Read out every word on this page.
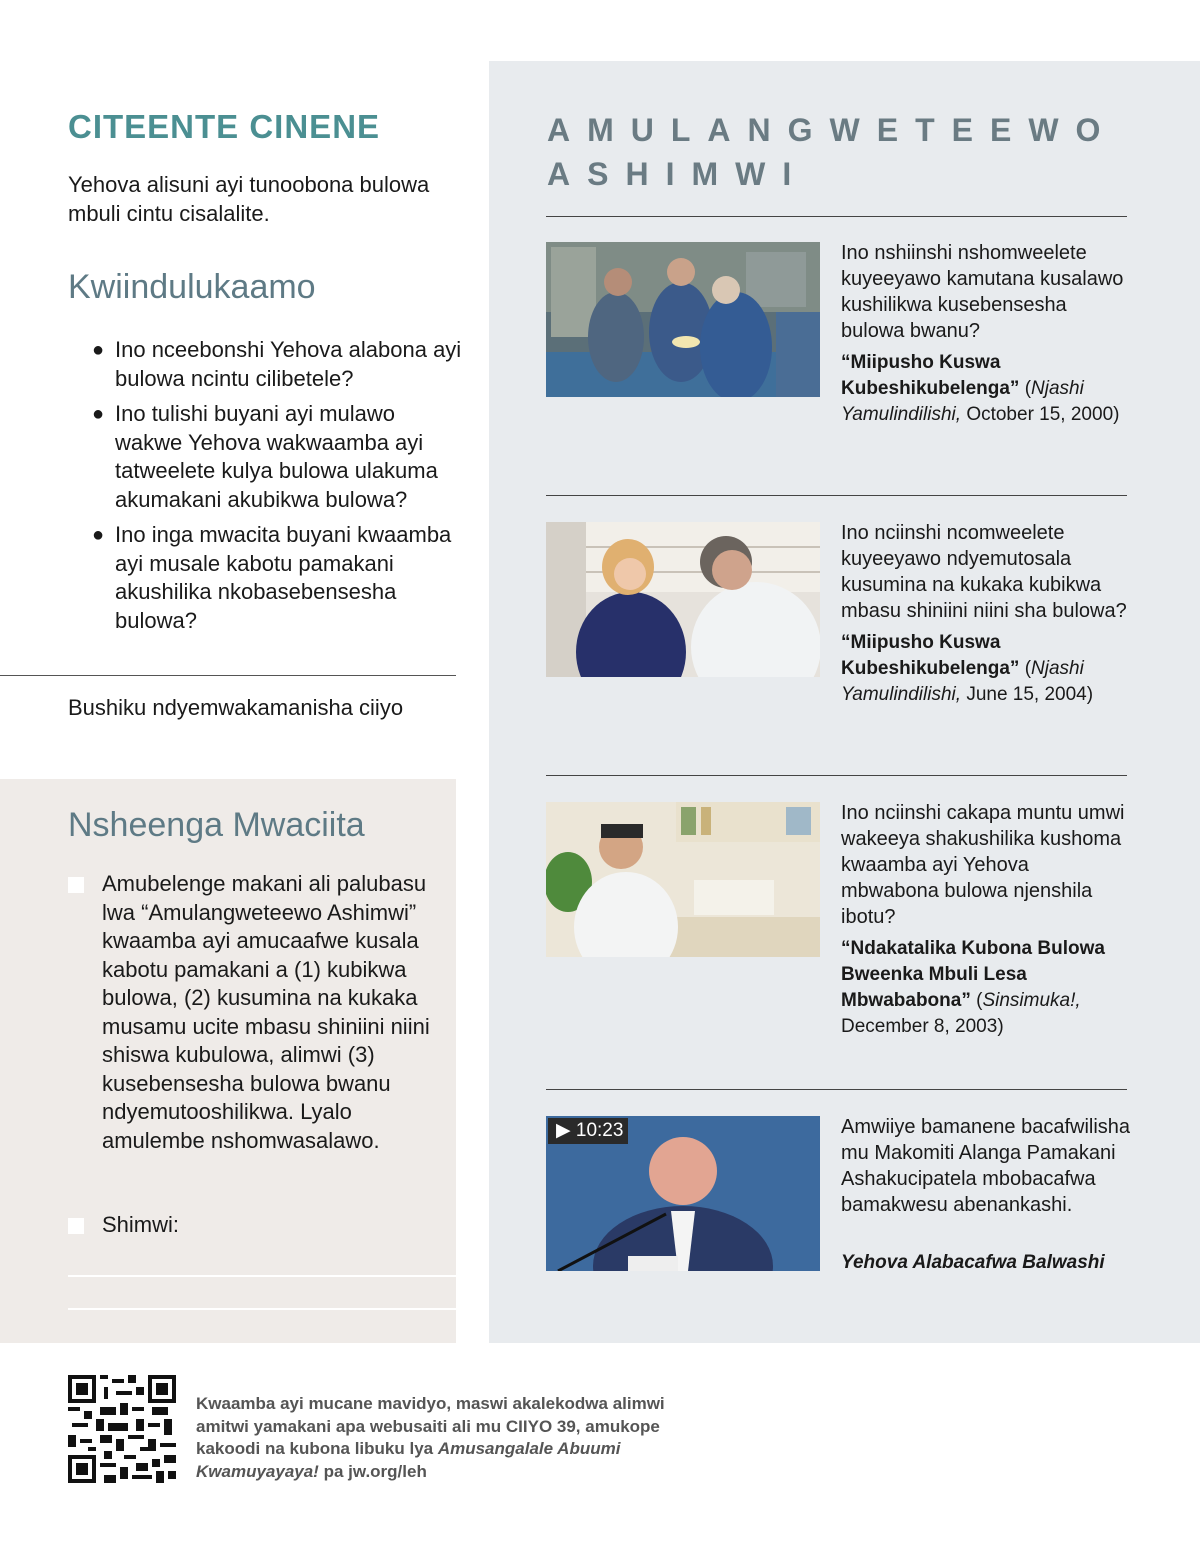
CITEENTE CINENE
Yehova alisuni ayi tunoobona bulowa mbuli cintu cisalalite.
Kwiindulukaamo
● Ino nceebonshi Yehova alabona ayi bulowa ncintu cilibetele?
● Ino tulishi buyani ayi mulawo wakwe Yehova wakwaamba ayi tatweelete kulya bulowa ulakuma akumakani akubikwa bulowa?
● Ino inga mwacita buyani kwaamba ayi musale kabotu pamakani akushilika nkobasebensesha bulowa?
Bushiku ndyemwakamanisha ciiyo
Nsheenga Mwaciita
Amubelenge makani ali palubasu lwa “Amulangweteewo Ashimwi” kwaamba ayi amucaafwe kusala kabotu pamakani a (1) kubikwa bulowa, (2) kusumina na kukaka musamu ucite mbasu shiniini niini shiswa kubulowa, alimwi (3) kusebensesha bulowa bwanu ndyemutooshilikwa. Lyalo amulembe nshomwasalawo.
Shimwi:
AMULANGWETEEWO ASHIMWI
Ino nshiinshi nshomweelete kuyeeyawo kamutana kusalawo kushilikwa kusebensesha bulowa bwanu?
“Miipusho Kuswa Kubeshikubelenga” (Njashi Yamulindilishi, October 15, 2000)
Ino nciinshi ncomweelete kuyeeyawo ndyemutosala kusumina na kukaka kubikwa mbasu shiniini niini sha bulowa?
“Miipusho Kuswa Kubeshikubelenga” (Njashi Yamulindilishi, June 15, 2004)
Ino nciinshi cakapa muntu umwi wakeeya shakushilika kushoma kwaamba ayi Yehova mbwabona bulowa njenshila ibotu?
“Ndakatalika Kubona Bulowa Bweenka Mbuli Lesa Mbwababona” (Sinsimuka!, December 8, 2003)
▶ 10:23	Amwiiye bamanene bacafwilisha mu Makomiti Alanga Pamakani Ashakucipatela mbobacafwa bamakwesu abenankashi.
Yehova Alabacafwa Balwashi
Kwaamba ayi mucane mavidyo, maswi akalekodwa alimwi amitwi yamakani apa webusaiti ali mu CIIYO 39, amukope kakoodi na kubona libuku lya Amusangalale Abuumi Kwamuyayaya! pa jw.org/leh
